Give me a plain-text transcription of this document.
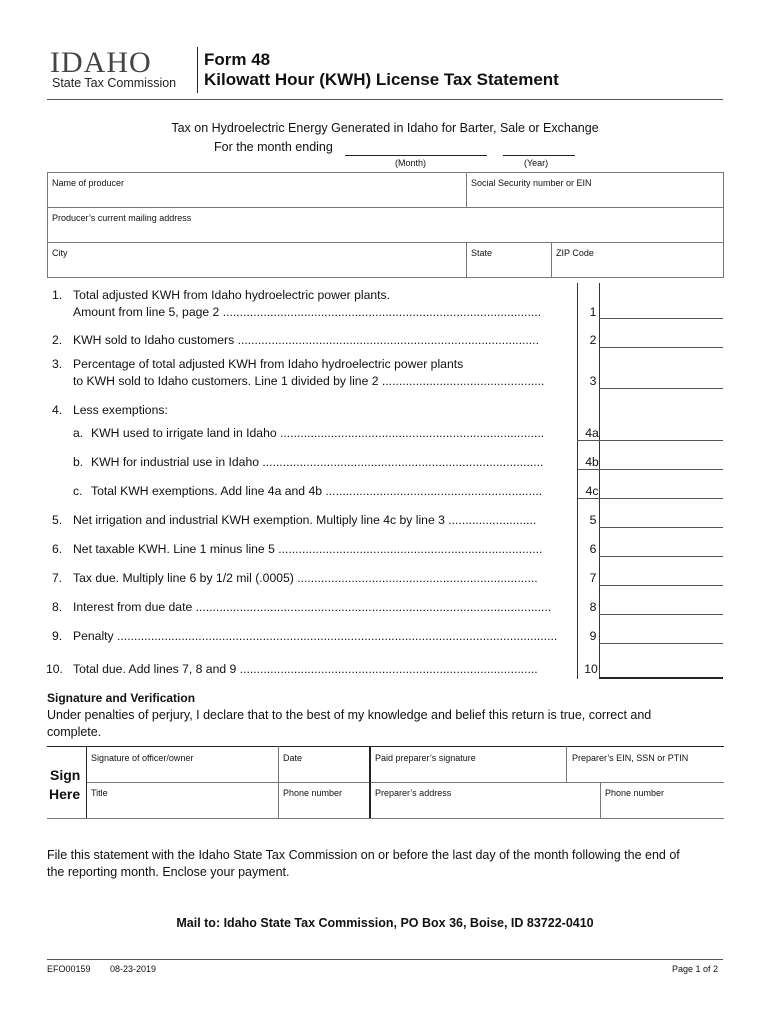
IDAHO
State Tax Commission
Form 48
Kilowatt Hour (KWH) License Tax Statement
Tax on Hydroelectric Energy Generated in Idaho for Barter, Sale or Exchange
For the month ending
(Month)	(Year)
Name of producer	Social Security number or EIN
Producer’s current mailing address
City	State	ZIP Code
1. Total adjusted KWH from Idaho hydroelectric power plants.
Amount from line 5, page 2 ..............................................................................................	1
2. KWH sold to Idaho customers .........................................................................................	2
3. Percentage of total adjusted KWH from Idaho hydroelectric power plants
to KWH sold to Idaho customers. Line 1 divided by line 2 ................................................	3
4. Less exemptions:
a. KWH used to irrigate land in Idaho ..............................................................................	4a
b. KWH for industrial use in Idaho ...................................................................................	4b
c. Total KWH exemptions. Add line 4a and 4b ................................................................	4c
5. Net irrigation and industrial KWH exemption. Multiply line 4c by line 3 ..........................	5
6. Net taxable KWH. Line 1 minus line 5 ..............................................................................	6
7. Tax due. Multiply line 6 by 1/2 mil (.0005) .......................................................................	7
8. Interest from due date .........................................................................................................	8
9. Penalty ..................................................................................................................................	9
10. Total due. Add lines 7, 8 and 9 ........................................................................................	10
Signature and Verification
Under penalties of perjury, I declare that to the best of my knowledge and belief this return is true, correct and
complete.
Sign
Here
Signature of officer/owner	Date	Paid preparer’s signature	Preparer’s EIN, SSN or PTIN
Title	Phone number	Preparer’s address	Phone number
File this statement with the Idaho State Tax Commission on or before the last day of the month following the end of
the reporting month. Enclose your payment.
Mail to: Idaho State Tax Commission, PO Box 36, Boise, ID 83722-0410
EFO00159 08-23-2019	Page 1 of 2
